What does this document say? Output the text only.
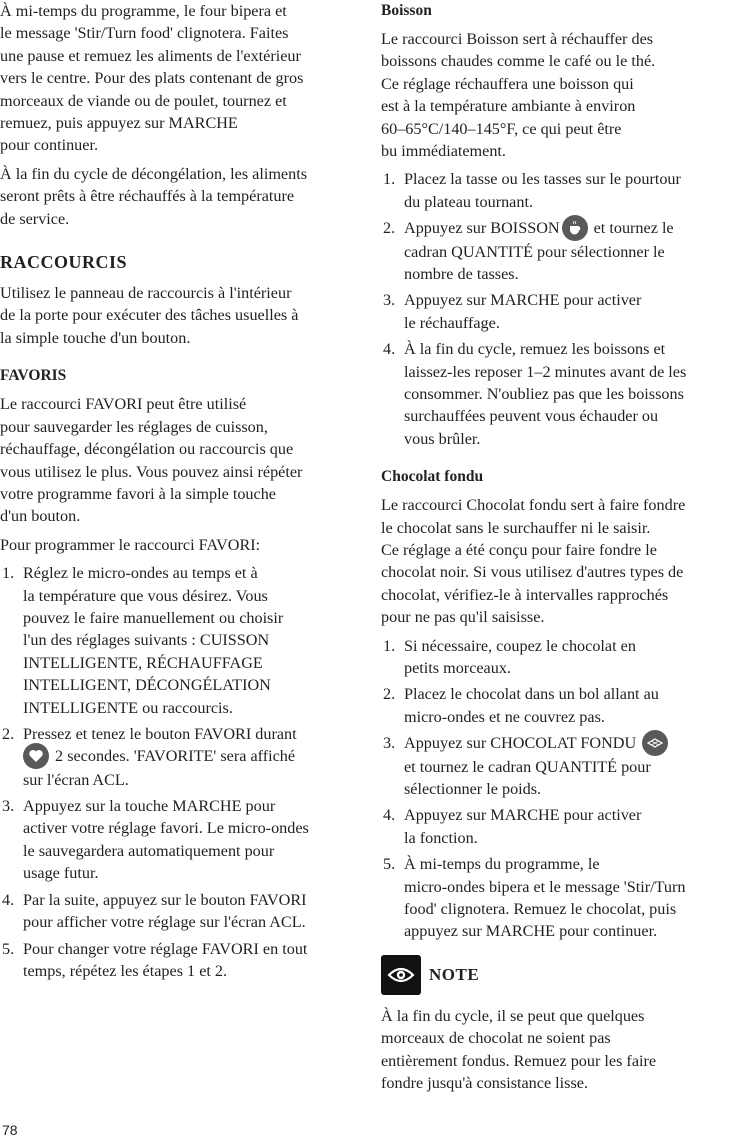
À mi-temps du programme, le four bipera et
le message 'Stir/Turn food' clignotera. Faites
une pause et remuez les aliments de l'extérieur
vers le centre. Pour des plats contenant de gros
morceaux de viande ou de poulet, tournez et
remuez, puis appuyez sur MARCHE
pour continuer.

À la fin du cycle de décongélation, les aliments
seront prêts à être réchauffés à la température
de service.

RACCOURCIS

Utilisez le panneau de raccourcis à l'intérieur
de la porte pour exécuter des tâches usuelles à
la simple touche d'un bouton.

FAVORIS

Le raccourci FAVORI peut être utilisé
pour sauvegarder les réglages de cuisson,
réchauffage, décongélation ou raccourcis que
vous utilisez le plus. Vous pouvez ainsi répéter
votre programme favori à la simple touche
d'un bouton.

Pour programmer le raccourci FAVORI:

1. Réglez le micro-ondes au temps et à
la température que vous désirez. Vous
pouvez le faire manuellement ou choisir
l'un des réglages suivants : CUISSON
INTELLIGENTE, RÉCHAUFFAGE
INTELLIGENT, DÉCONGÉLATION
INTELLIGENTE ou raccourcis.
2. Pressez et tenez le bouton FAVORI durant

2 secondes. 'FAVORITE' sera affiché
sur l'écran ACL.
3. Appuyez sur la touche MARCHE pour
activer votre réglage favori. Le micro-ondes
le sauvegardera automatiquement pour
usage futur.
4. Par la suite, appuyez sur le bouton FAVORI
pour afficher votre réglage sur l'écran ACL.
5. Pour changer votre réglage FAVORI en tout
temps, répétez les étapes 1 et 2.
Boisson

Le raccourci Boisson sert à réchauffer des
boissons chaudes comme le café ou le thé.
Ce réglage réchauffera une boisson qui
est à la température ambiante à environ
60–65°C/140–145°F, ce qui peut être
bu immédiatement.

1. Placez la tasse ou les tasses sur le pourtour
du plateau tournant.
2. Appuyez sur BOISSON
et tournez le
cadran QUANTITÉ pour sélectionner le
nombre de tasses.
3. Appuyez sur MARCHE pour activer
le réchauffage.
4. À la fin du cycle, remuez les boissons et
laissez-les reposer 1–2 minutes avant de les
consommer. N'oubliez pas que les boissons
surchauffées peuvent vous échauder ou
vous brûler.
Chocolat fondu

Le raccourci Chocolat fondu sert à faire fondre
le chocolat sans le surchauffer ni le saisir.
Ce réglage a été conçu pour faire fondre le
chocolat noir. Si vous utilisez d'autres types de
chocolat, vérifiez-le à intervalles rapprochés
pour ne pas qu'il saisisse.

1. Si nécessaire, coupez le chocolat en
petits morceaux.
2. Placez le chocolat dans un bol allant au
micro-ondes et ne couvrez pas.
3. Appuyez sur CHOCOLAT FONDU

et tournez le cadran QUANTITÉ pour
sélectionner le poids.
4. Appuyez sur MARCHE pour activer
la fonction.
5. À mi-temps du programme, le
micro-ondes bipera et le message 'Stir/Turn
food' clignotera. Remuez le chocolat, puis
appuyez sur MARCHE pour continuer.
NOTE

À la fin du cycle, il se peut que quelques
morceaux de chocolat ne soient pas
entièrement fondus. Remuez pour les faire
fondre jusqu'à consistance lisse.

78
